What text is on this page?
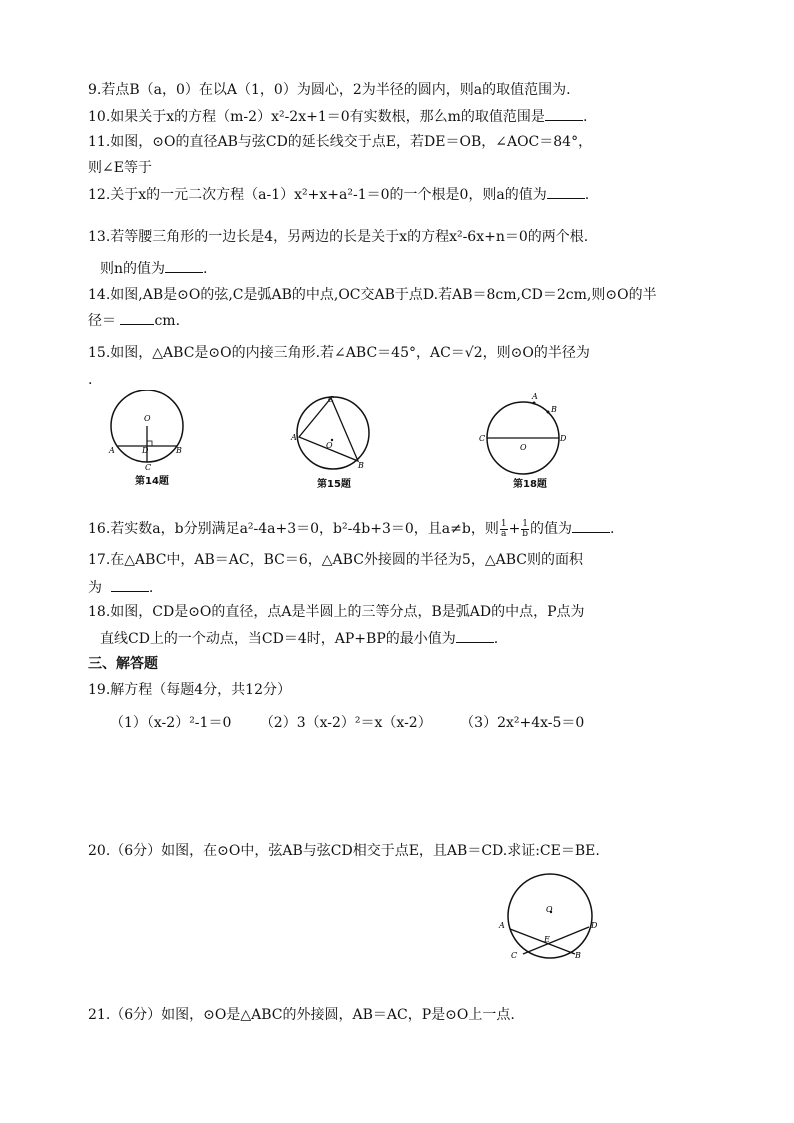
9.若点B（a，0）在以A（1，0）为圆心，2为半径的圆内，则a的取值范围为.
10.如果关于x的方程（m-2）x²-2x+1＝0有实数根，那么m的取值范围是	.
11.如图，⊙O的直径AB与弦CD的延长线交于点E，若DE＝OB，∠AOC＝84°，
则∠E等于
12.关于x的一元二次方程（a-1）x²+x+a²-1＝0的一个根是0，则a的值为	.
13.若等腰三角形的一边长是4，另两边的长是关于x的方程x²-6x+n＝0的两个根.
则n的值为	.
14.如图,AB是⊙O的弦,C是弧AB的中点,OC交AB于点D.若AB＝8cm,CD＝2cm,则⊙O的半
径＝	cm.
15.如图，△ABC是⊙O的内接三角形.若∠ABC＝45°，AC＝√2，则⊙O的半径为
.
O
A	B
D
C
第14题
C
A
B
O
第15题
A
B
C	D
O
第18题
16.若实数a，b分别满足a²-4a+3＝0，b²-4b+3＝0，且a≠b，则 $\frac{1}{a} + \frac{1}{b}$ 的值为	.
17.在△ABC中，AB＝AC，BC＝6，△ABC外接圆的半径为5，△ABC则的面积
为	.
18.如图，CD是⊙O的直径，点A是半圆上的三等分点，B是弧AD的中点，P点为
直线CD上的一个动点，当CD＝4时，AP+BP的最小值为	.
三、解答题
19.解方程（每题4分，共12分）
（1）（x-2）²-1＝0 （2）3（x-2）²＝x（x-2） （3）2x²+4x-5＝0
20.（6分）如图，在⊙O中，弦AB与弦CD相交于点E，且AB＝CD.求证:CE＝BE.
O
A	D
E
C	B
21.（6分）如图，⊙O是△ABC的外接圆，AB＝AC，P是⊙O上一点.
